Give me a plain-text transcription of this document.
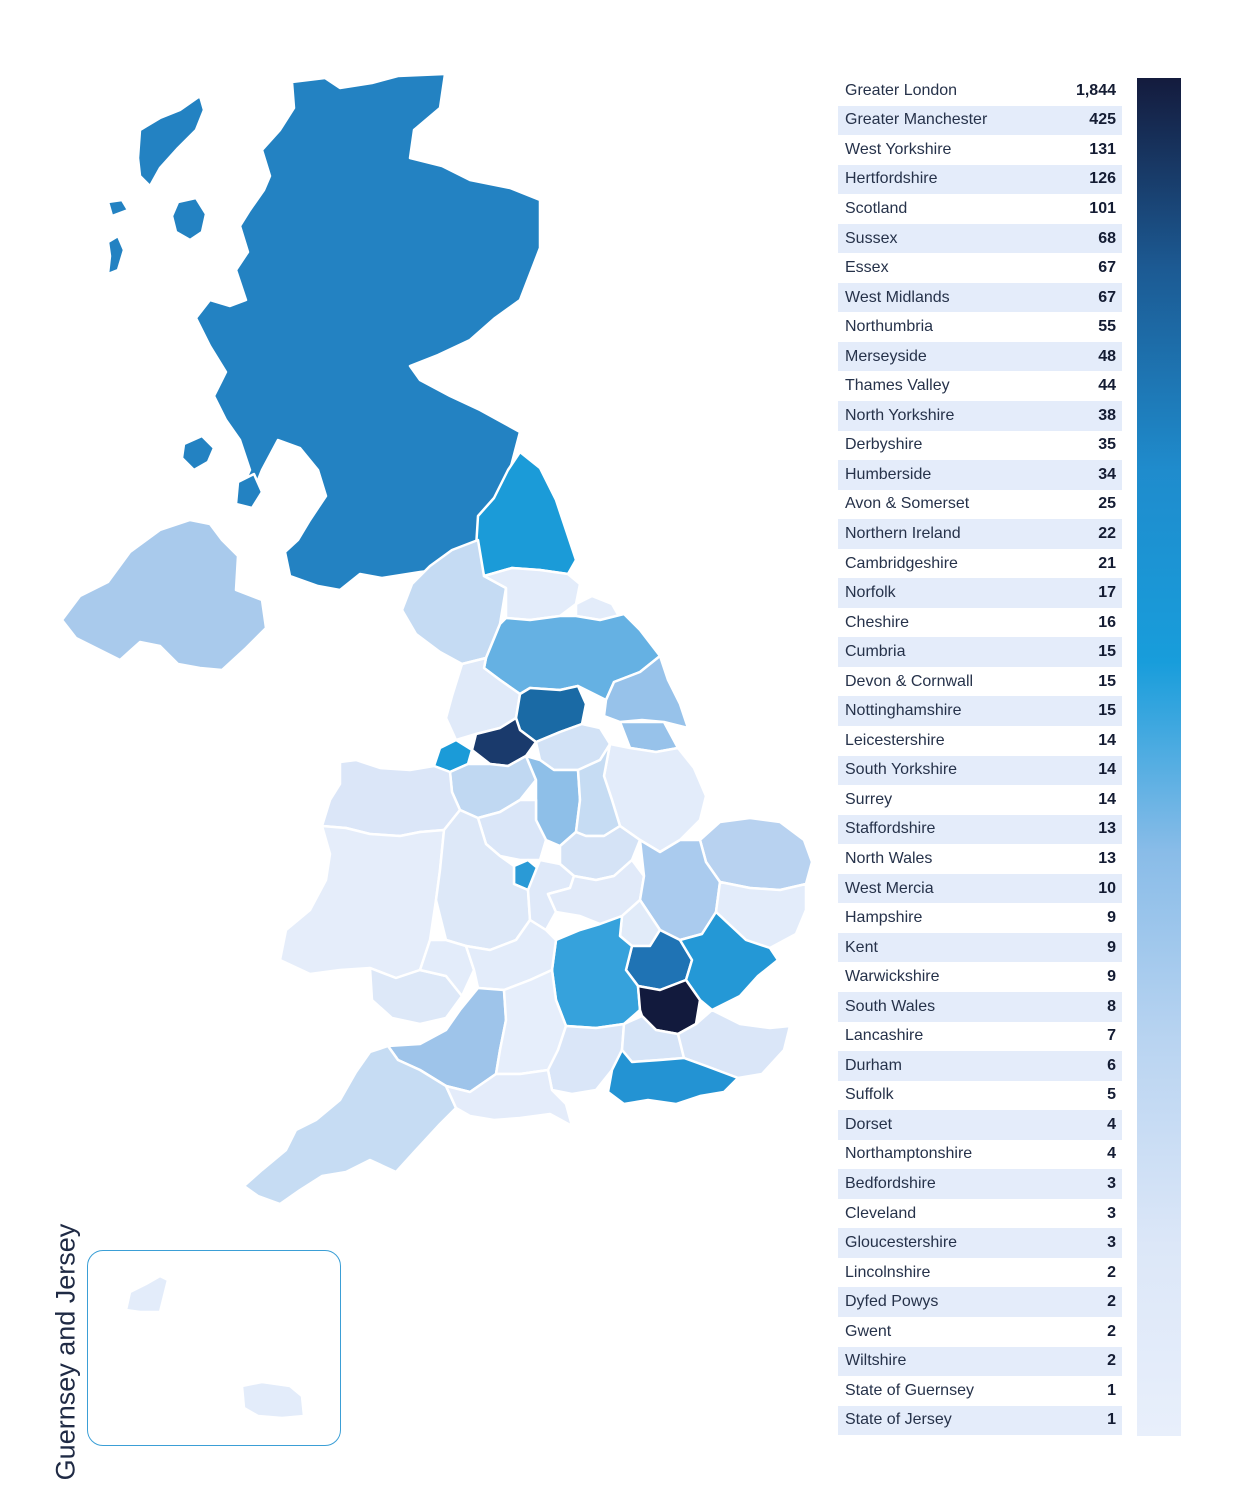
Guernsey and Jersey
Greater London	1,844
Greater Manchester	425
West Yorkshire	131
Hertfordshire	126
Scotland	101
Sussex	68
Essex	67
West Midlands	67
Northumbria	55
Merseyside	48
Thames Valley	44
North Yorkshire	38
Derbyshire	35
Humberside	34
Avon & Somerset	25
Northern Ireland	22
Cambridgeshire	21
Norfolk	17
Cheshire	16
Cumbria	15
Devon & Cornwall	15
Nottinghamshire	15
Leicestershire	14
South Yorkshire	14
Surrey	14
Staffordshire	13
North Wales	13
West Mercia	10
Hampshire	9
Kent	9
Warwickshire	9
South Wales	8
Lancashire	7
Durham	6
Suffolk	5
Dorset	4
Northamptonshire	4
Bedfordshire	3
Cleveland	3
Gloucestershire	3
Lincolnshire	2
Dyfed Powys	2
Gwent	2
Wiltshire	2
State of Guernsey	1
State of Jersey	1
